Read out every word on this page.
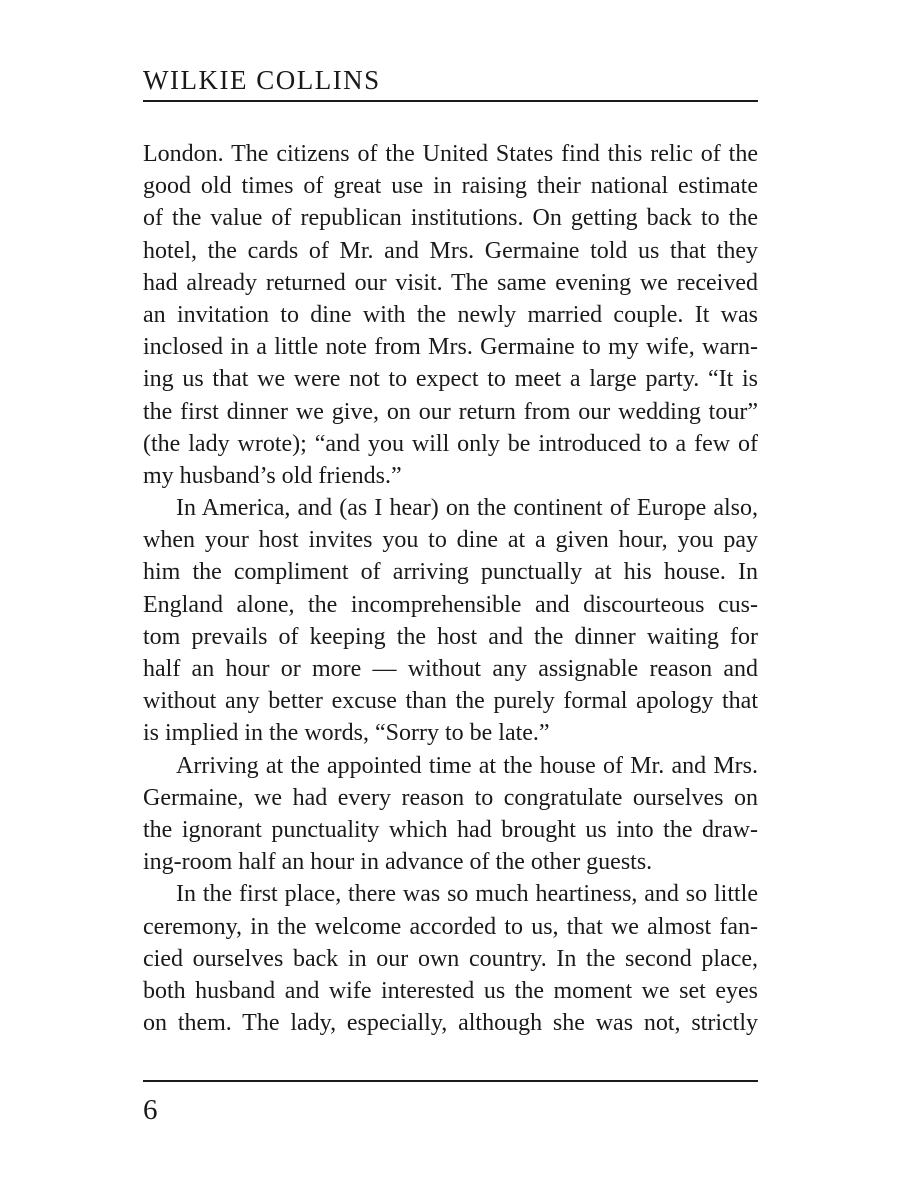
WILKIE COLLINS
London. The citizens of the United States find this relic of the
good old times of great use in raising their national estimate
of the value of republican institutions. On getting back to the
hotel, the cards of Mr. and Mrs. Germaine told us that they
had already returned our visit. The same evening we received
an invitation to dine with the newly married couple. It was
inclosed in a little note from Mrs. Germaine to my wife, warn-
ing us that we were not to expect to meet a large party. “It is
the first dinner we give, on our return from our wedding tour”
(the lady wrote); “and you will only be introduced to a few of
my husband’s old friends.”
In America, and (as I hear) on the continent of Europe also,
when your host invites you to dine at a given hour, you pay
him the compliment of arriving punctually at his house. In
England alone, the incomprehensible and discourteous cus-
tom prevails of keeping the host and the dinner waiting for
half an hour or more — without any assignable reason and
without any better excuse than the purely formal apology that
is implied in the words, “Sorry to be late.”
Arriving at the appointed time at the house of Mr. and Mrs.
Germaine, we had every reason to congratulate ourselves on
the ignorant punctuality which had brought us into the draw-
ing-room half an hour in advance of the other guests.
In the first place, there was so much heartiness, and so little
ceremony, in the welcome accorded to us, that we almost fan-
cied ourselves back in our own country. In the second place,
both husband and wife interested us the moment we set eyes
on them. The lady, especially, although she was not, strictly
6
